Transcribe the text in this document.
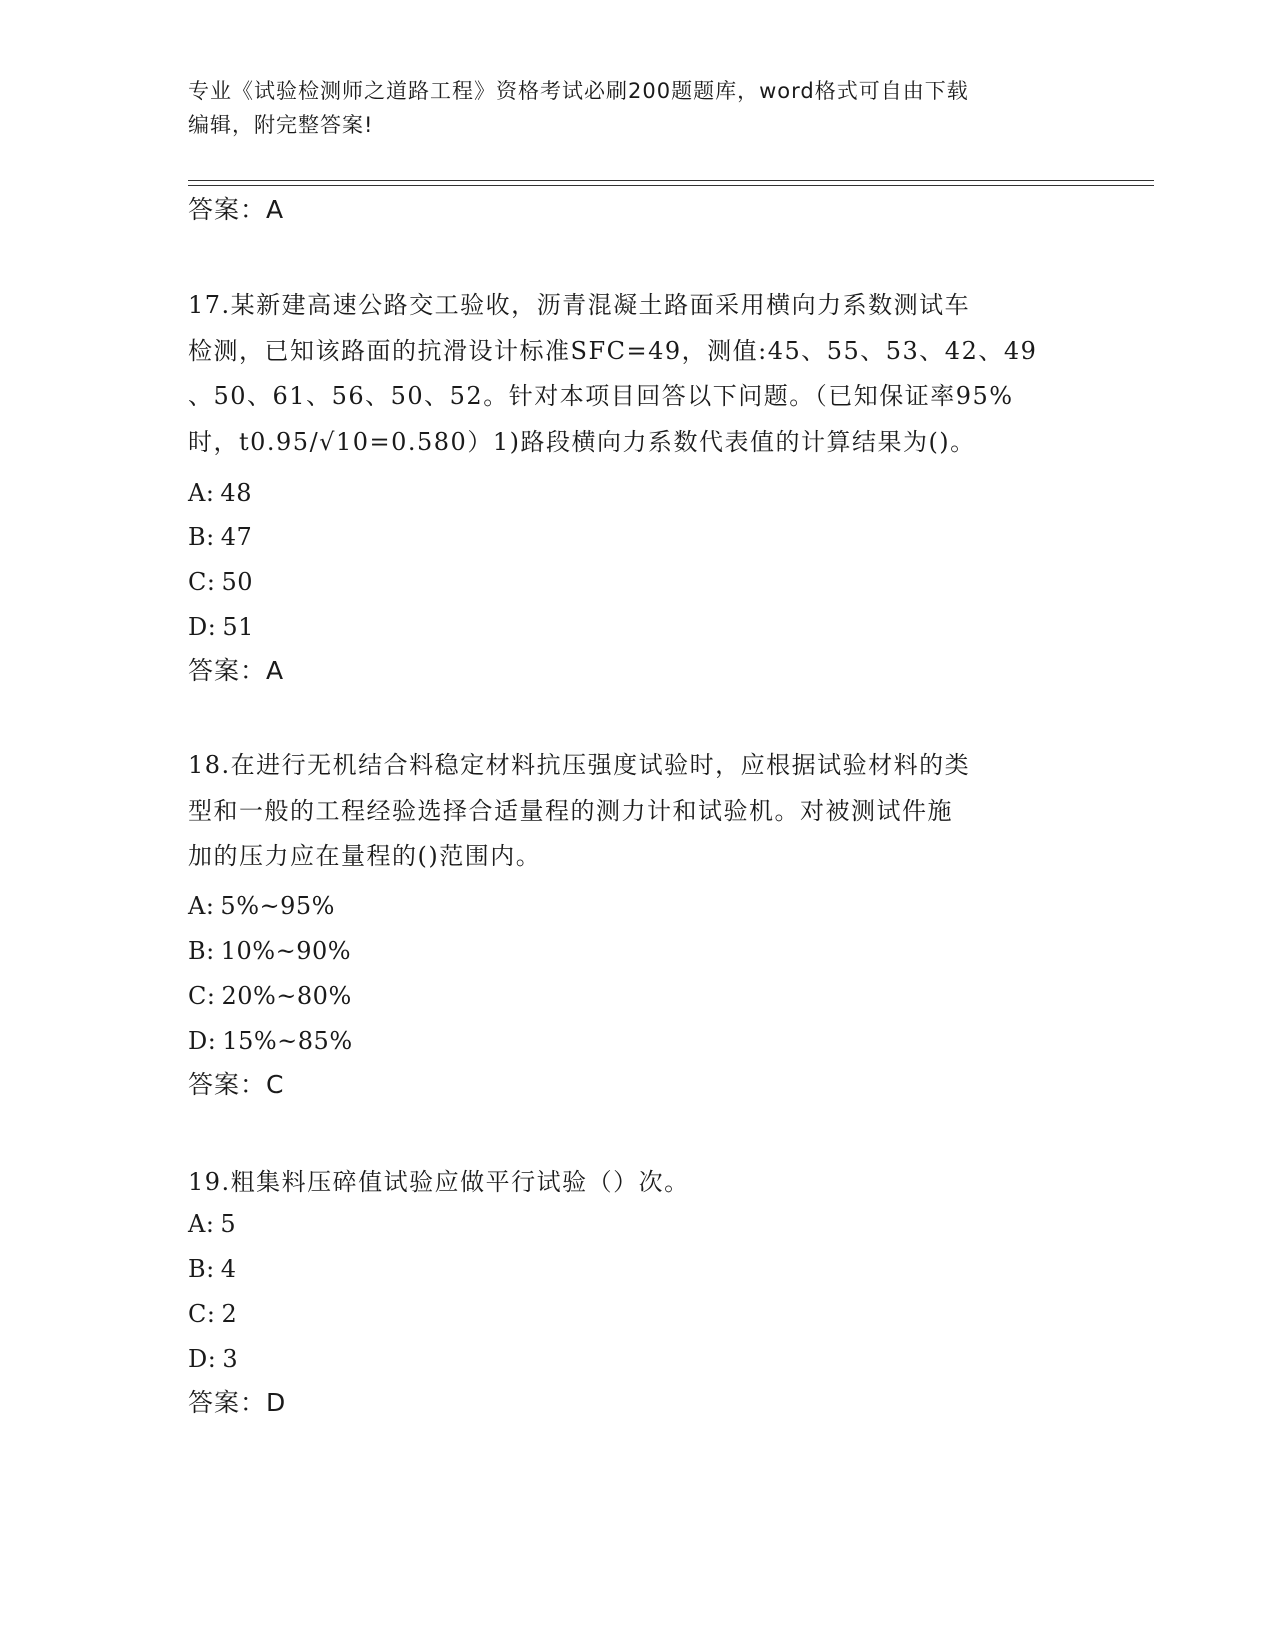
专业《试验检测师之道路工程》资格考试必刷200题题库，word格式可自由下载
编辑，附完整答案!
答案：A
17.某新建高速公路交工验收，沥青混凝土路面采用横向力系数测试车
检测，已知该路面的抗滑设计标准SFC=49，测值:45、55、53、42、49
、50、61、56、50、52。针对本项目回答以下问题。（已知保证率95%
时，t0.95/√10=0.580）1)路段横向力系数代表值的计算结果为()。
A: 48
B: 47
C: 50
D: 51
答案：A
18.在进行无机结合料稳定材料抗压强度试验时，应根据试验材料的类
型和一般的工程经验选择合适量程的测力计和试验机。对被测试件施
加的压力应在量程的()范围内。
A: 5%~95%
B: 10%~90%
C: 20%~80%
D: 15%~85%
答案：C
19.粗集料压碎值试验应做平行试验（）次。
A: 5
B: 4
C: 2
D: 3
答案：D
